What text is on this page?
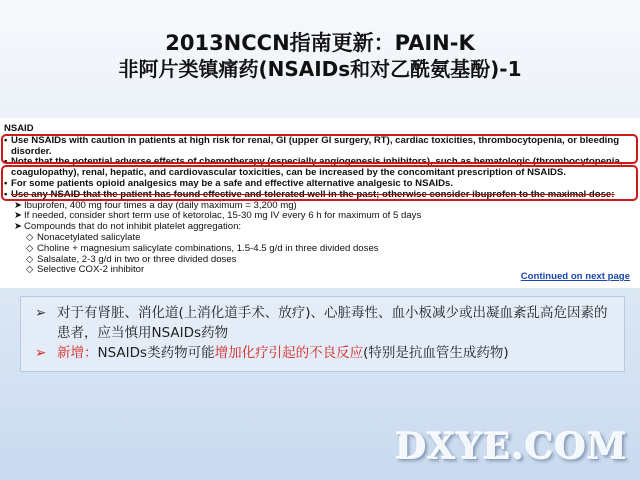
2013NCCN指南更新：PAIN-K
非阿片类镇痛药(NSAIDs和对乙酰氨基酚)-1
NSAID
• Use NSAIDs with caution in patients at high risk for renal, GI (upper GI surgery, RT), cardiac toxicities, thrombocytopenia, or bleeding disorder.
• Note that the potential adverse effects of chemotherapy (especially angiogenesis inhibitors), such as hematologic (thrombocytopenia, coagulopathy), renal, hepatic, and cardiovascular toxicities, can be increased by the concomitant prescription of NSAIDS.
• For some patients opioid analgesics may be a safe and effective alternative analgesic to NSAIDs.
• Use any NSAID that the patient has found effective and tolerated well in the past; otherwise consider ibuprofen to the maximal dose:
➤ Ibuprofen, 400 mg four times a day (daily maximum = 3,200 mg)
➤ If needed, consider short term use of ketorolac, 15-30 mg IV every 6 h for maximum of 5 days
➤ Compounds that do not inhibit platelet aggregation:
◇ Nonacetylated salicylate
◇ Choline + magnesium salicylate combinations, 1.5-4.5 g/d in three divided doses
◇ Salsalate, 2-3 g/d in two or three divided doses
◇ Selective COX-2 inhibitor
Continued on next page
➢ 对于有肾脏、消化道(上消化道手术、放疗)、心脏毒性、血小板减少或出凝血紊乱高危因素的患者，应当慎用NSAIDs药物
➢ 新增：NSAIDs类药物可能增加化疗引起的不良反应(特别是抗血管生成药物)
DXYE.COM
